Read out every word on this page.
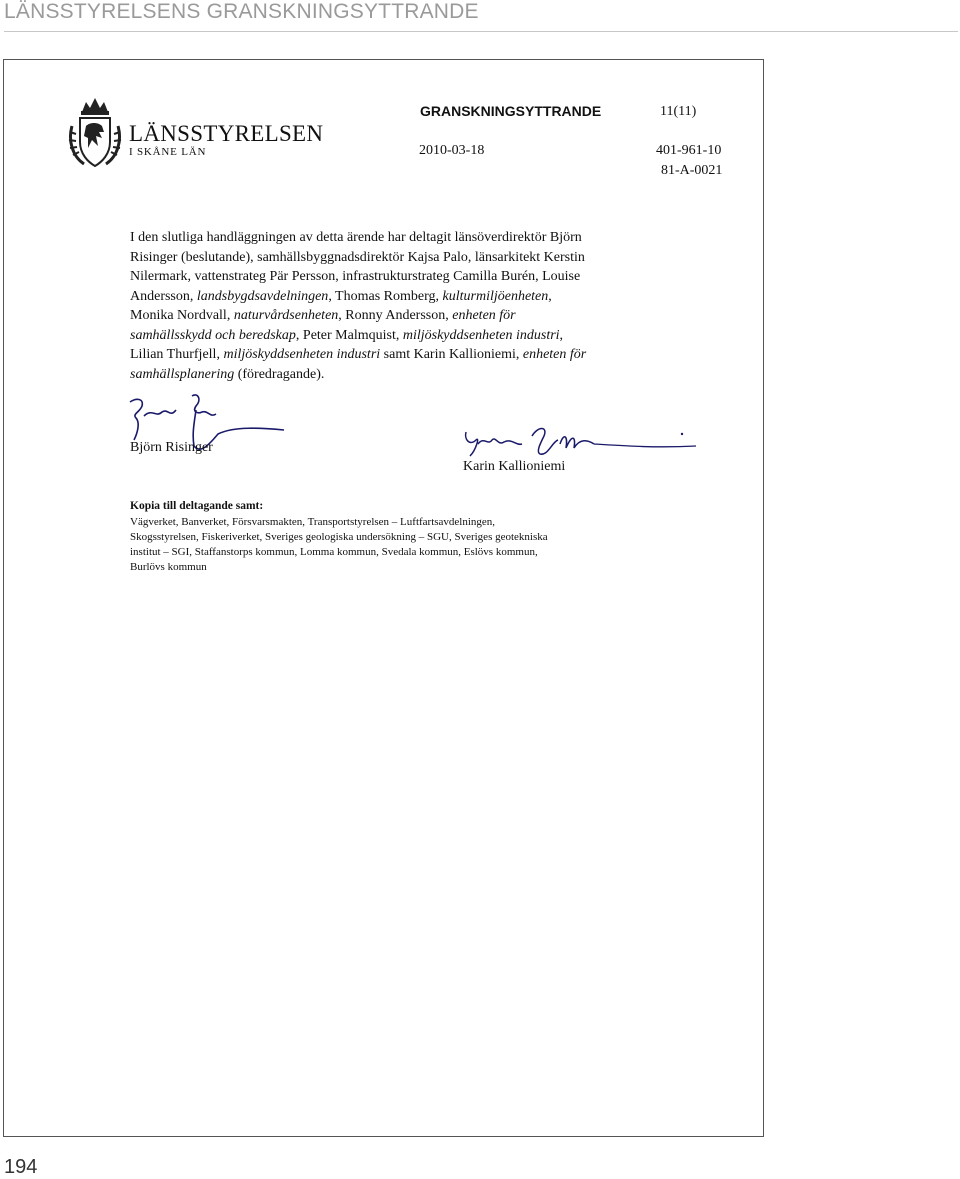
LÄNSSTYRELSENS GRANSKNINGSYTTRANDE
LÄNSSTYRELSEN
I SKÅNE LÄN
GRANSKNINGSYTTRANDE	11(11)
2010-03-18	401-961-10
81-A-0021
I den slutliga handläggningen av detta ärende har deltagit länsöverdirektör Björn
Risinger (beslutande), samhällsbyggnadsdirektör Kajsa Palo, länsarkitekt Kerstin
Nilermark, vattenstrateg Pär Persson, infrastrukturstrateg Camilla Burén, Louise
Andersson, landsbygdsavdelningen, Thomas Romberg, kulturmiljöenheten,
Monika Nordvall, naturvårdsenheten, Ronny Andersson, enheten för
samhällsskydd och beredskap, Peter Malmquist, miljöskyddsenheten industri,
Lilian Thurfjell, miljöskyddsenheten industri samt Karin Kallioniemi, enheten för
samhällsplanering (föredragande).
Björn Risinger
Karin Kallioniemi
Kopia till deltagande samt:
Vägverket, Banverket, Försvarsmakten, Transportstyrelsen – Luftfartsavdelningen,
Skogsstyrelsen, Fiskeriverket, Sveriges geologiska undersökning – SGU, Sveriges geotekniska
institut – SGI, Staffanstorps kommun, Lomma kommun, Svedala kommun, Eslövs kommun,
Burlövs kommun
194
